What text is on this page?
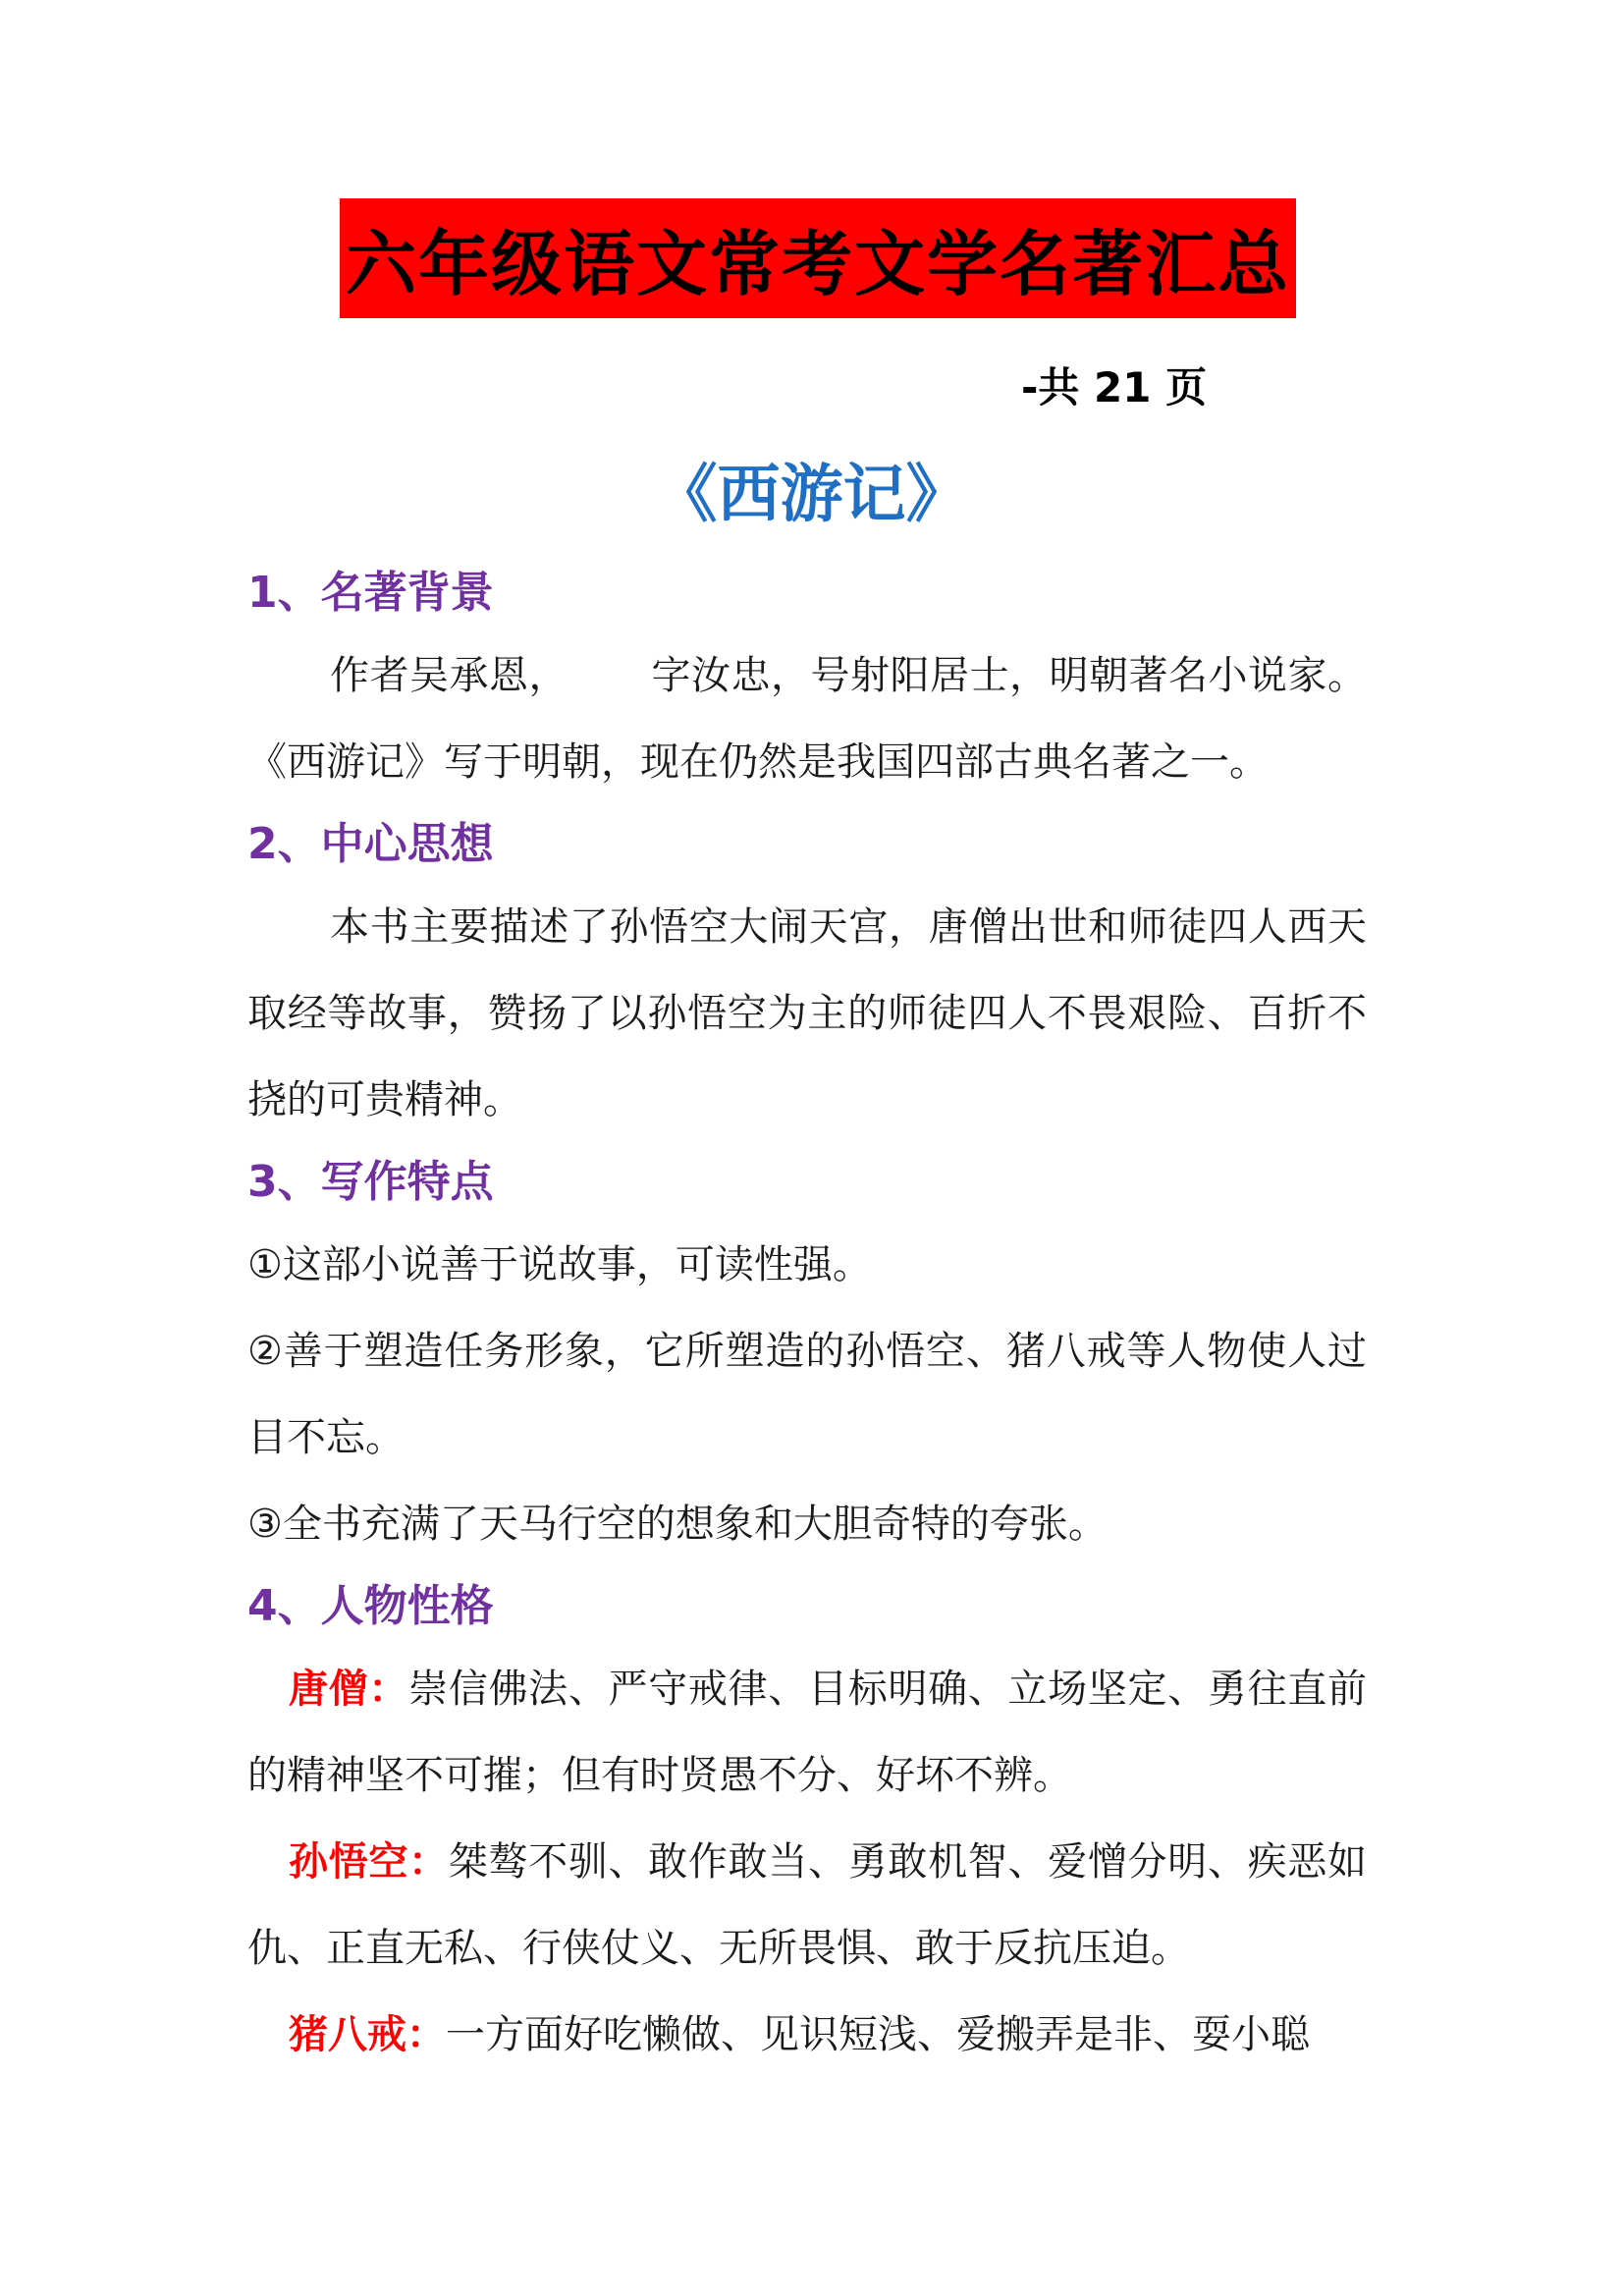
六年级语文常考文学名著汇总
-共 21 页
《西游记》
1、名著背景

作者吴承恩， 字汝忠，号射阳居士，明朝著名小说家。《西游记》写于明朝，现在仍然是我国四部古典名著之一。

2、中心思想

本书主要描述了孙悟空大闹天宫，唐僧出世和师徒四人西天取经等故事，赞扬了以孙悟空为主的师徒四人不畏艰险、百折不挠的可贵精神。

3、写作特点

①这部小说善于说故事，可读性强。

②善于塑造任务形象，它所塑造的孙悟空、猪八戒等人物使人过目不忘。

③全书充满了天马行空的想象和大胆奇特的夸张。

4、人物性格

唐僧：崇信佛法、严守戒律、目标明确、立场坚定、勇往直前的精神坚不可摧；但有时贤愚不分、好坏不辨。

孙悟空：桀骜不驯、敢作敢当、勇敢机智、爱憎分明、疾恶如仇、正直无私、行侠仗义、无所畏惧、敢于反抗压迫。

猪八戒：一方面好吃懒做、见识短浅、爱搬弄是非、耍小聪
